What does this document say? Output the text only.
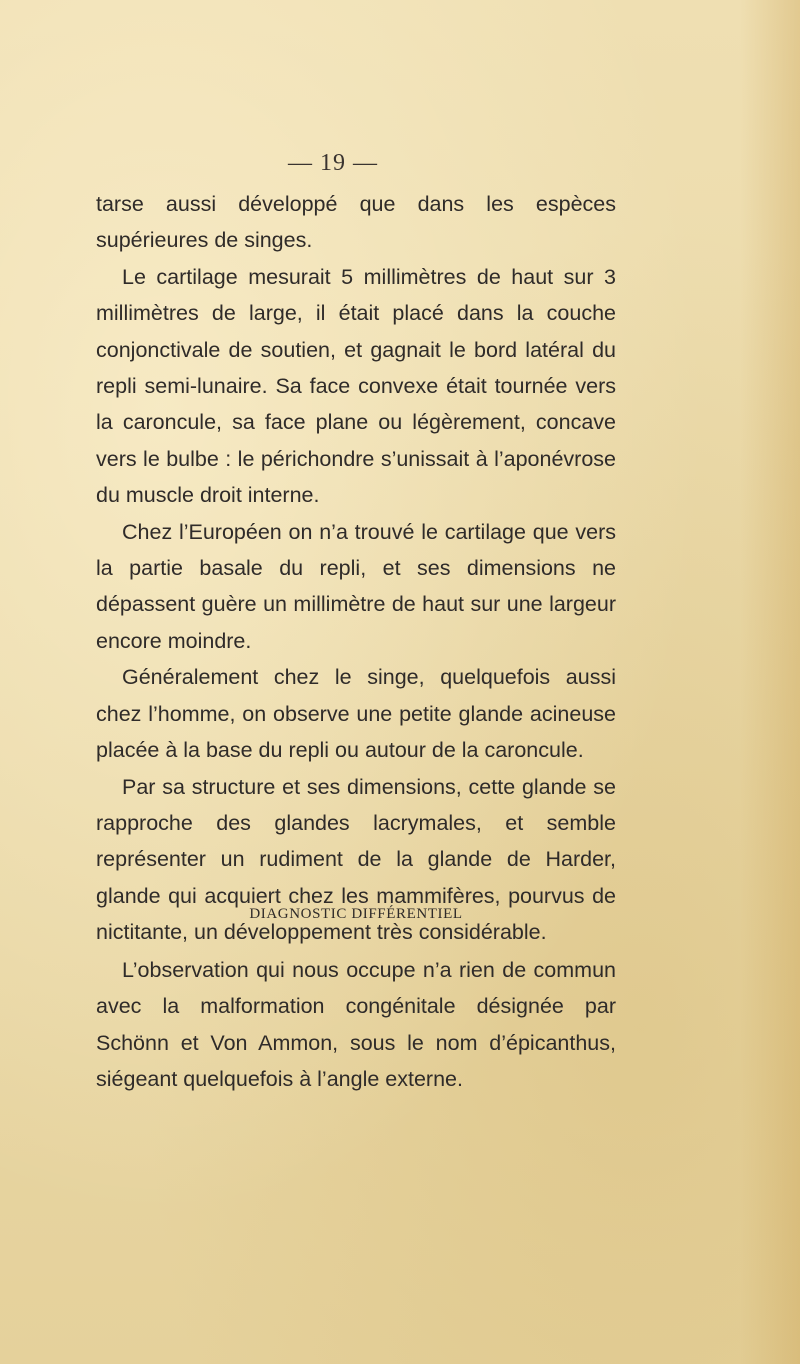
— 19 —

tarse aussi développé que dans les espèces supérieures de singes.

Le cartilage mesurait 5 millimètres de haut sur 3 millimètres de large, il était placé dans la couche conjonctivale de soutien, et gagnait le bord latéral du repli semi-lunaire. Sa face convexe était tournée vers la caroncule, sa face plane ou légèrement, concave vers le bulbe : le périchondre s’unissait à l’aponévrose du muscle droit interne.

Chez l’Européen on n’a trouvé le cartilage que vers la partie basale du repli, et ses dimensions ne dépassent guère un millimètre de haut sur une largeur encore moindre.

Généralement chez le singe, quelquefois aussi chez l’homme, on observe une petite glande acineuse placée à la base du repli ou autour de la caroncule.

Par sa structure et ses dimensions, cette glande se rapproche des glandes lacrymales, et semble représenter un rudiment de la glande de Harder, glande qui acquiert chez les mammifères, pourvus de nictitante, un développement très considérable.

DIAGNOSTIC DIFFÉRENTIEL

L’observation qui nous occupe n’a rien de commun avec la malformation congénitale désignée par Schönn et Von Ammon, sous le nom d’épicanthus, siégeant quelquefois à l’angle externe.
